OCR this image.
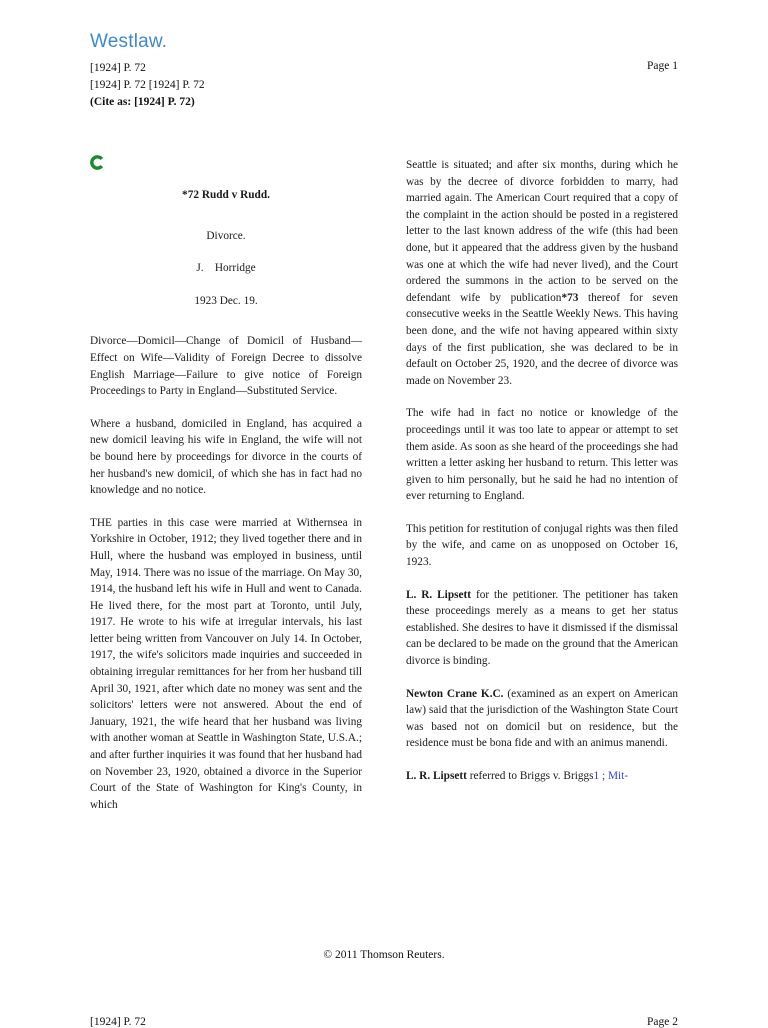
Westlaw.
[1924] P. 72
[1924] P. 72 [1924] P. 72
(Cite as: [1924] P. 72)
Page 1

*72 Rudd v Rudd.

Divorce.

J.    Horridge

1923 Dec. 19.

Divorce—Domicil—Change of Domicil of Husband—Effect on Wife—Validity of Foreign Decree to dissolve English Marriage—Failure to give notice of Foreign Proceedings to Party in England—Substituted Service.

Where a husband, domiciled in England, has acquired a new domicil leaving his wife in England, the wife will not be bound here by proceedings for divorce in the courts of her husband's new domicil, of which she has in fact had no knowledge and no notice.

THE parties in this case were married at Withernsea in Yorkshire in October, 1912; they lived together there and in Hull, where the husband was employed in business, until May, 1914. There was no issue of the marriage. On May 30, 1914, the husband left his wife in Hull and went to Canada. He lived there, for the most part at Toronto, until July, 1917. He wrote to his wife at irregular intervals, his last letter being written from Vancouver on July 14. In October, 1917, the wife's solicitors made inquiries and succeeded in obtaining irregular remittances for her from her husband till April 30, 1921, after which date no money was sent and the solicitors' letters were not answered. About the end of January, 1921, the wife heard that her husband was living with another woman at Seattle in Washington State, U.S.A.; and after further inquiries it was found that her husband had on November 23, 1920, obtained a divorce in the Superior Court of the State of Washington for King's County, in which

Seattle is situated; and after six months, during which he was by the decree of divorce forbidden to marry, had married again. The American Court required that a copy of the complaint in the action should be posted in a registered letter to the last known address of the wife (this had been done, but it appeared that the address given by the husband was one at which the wife had never lived), and the Court ordered the summons in the action to be served on the defendant wife by publication*73 thereof for seven consecutive weeks in the Seattle Weekly News. This having been done, and the wife not having appeared within sixty days of the first publication, she was declared to be in default on October 25, 1920, and the decree of divorce was made on November 23.

The wife had in fact no notice or knowledge of the proceedings until it was too late to appear or attempt to set them aside. As soon as she heard of the proceedings she had written a letter asking her husband to return. This letter was given to him personally, but he said he had no intention of ever returning to England.

This petition for restitution of conjugal rights was then filed by the wife, and came on as unopposed on October 16, 1923.

L. R. Lipsett for the petitioner. The petitioner has taken these proceedings merely as a means to get her status established. She desires to have it dismissed if the dismissal can be declared to be made on the ground that the American divorce is binding.

Newton Crane K.C. (examined as an expert on American law) said that the jurisdiction of the Washington State Court was based not on domicil but on residence, but the residence must be bona fide and with an animus manendi.

L. R. Lipsett referred to Briggs v. Briggs1 ; Mit-

© 2011 Thomson Reuters.
[1924] P. 72	Page 2
